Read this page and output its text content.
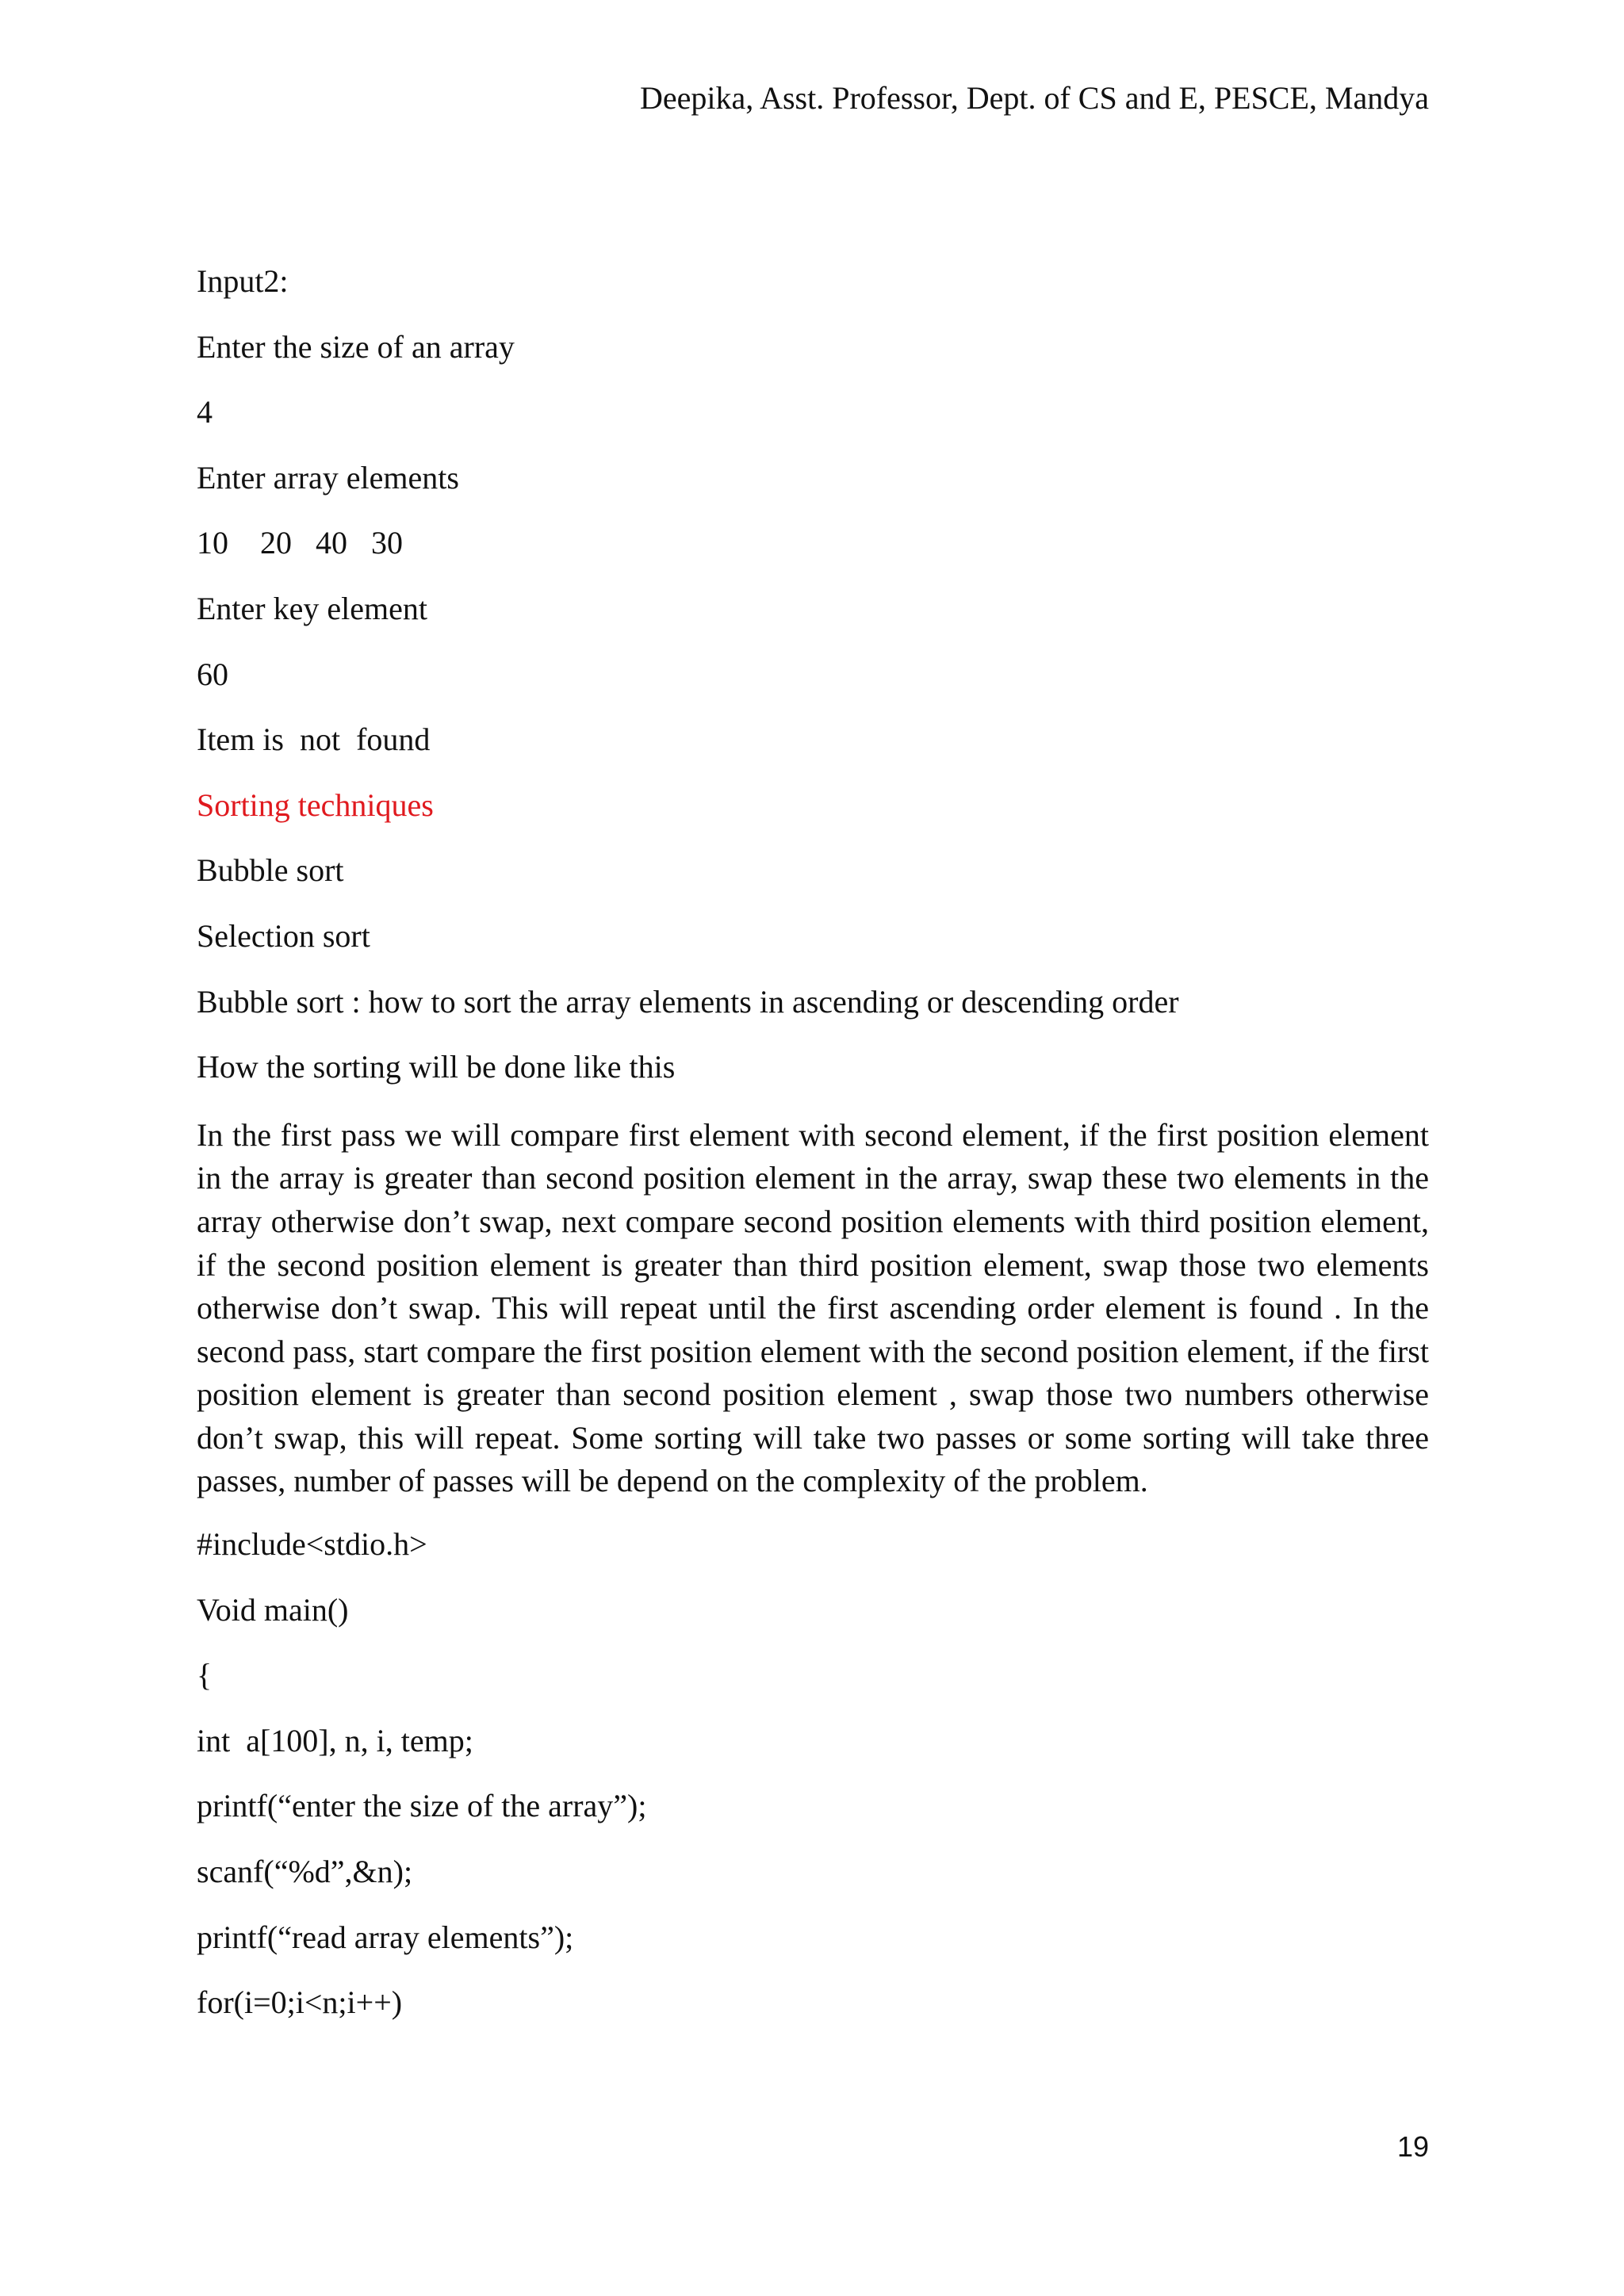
Deepika, Asst. Professor, Dept. of CS and E, PESCE, Mandya
Input2:
Enter the size of an array
4
Enter array elements
10    20   40   30
Enter key element
60
Item is  not  found
Sorting techniques
Bubble sort
Selection sort
Bubble sort : how to sort the array elements in ascending or descending order
How the sorting will be done like this
In the first pass we will compare first element with second element, if the first position element in the array is greater than second position element in the array, swap these two elements in the array otherwise don’t swap, next compare second position elements with third position element, if the second position element is greater than third position element, swap those two elements otherwise don’t swap. This will repeat until the first ascending order element is found . In the second pass, start compare the first position element with the second position element, if the first position element is greater than second position element , swap those two numbers otherwise don’t swap, this will repeat. Some sorting will take two passes or some sorting will take three passes, number of passes will be depend on the complexity of the problem.
#include<stdio.h>
Void main()
{
int  a[100], n, i, temp;
printf(“enter the size of the array”);
scanf(“%d”,&n);
printf(“read array elements”);
for(i=0;i<n;i++)
19
